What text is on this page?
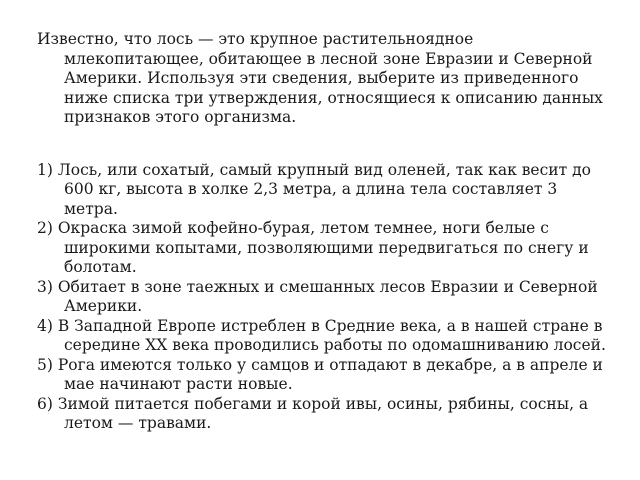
Известно, что лось — это крупное растительноядное млекопитающее, обитающее в лесной зоне Евразии и Северной Америки. Используя эти сведения, выберите из приведенного ниже списка три утверждения, относящиеся к описанию данных признаков этого организма.

1) Лось, или сохатый, самый крупный вид оленей, так как весит до 600 кг, высота в холке 2,3 метра, а длина тела составляет 3 метра.
2) Окраска зимой кофейно-бурая, летом темнее, ноги белые с широкими копытами, позволяющими передвигаться по снегу и болотам.
3) Обитает в зоне таежных и смешанных лесов Евразии и Северной Америки.
4) В Западной Европе истреблен в Средние века, а в нашей стране в середине XX века проводились работы по одомашниванию лосей.
5) Рога имеются только у самцов и отпадают в декабре, а в апреле и мае начинают расти новые.
6) Зимой питается побегами и корой ивы, осины, рябины, сосны, а летом — травами.
